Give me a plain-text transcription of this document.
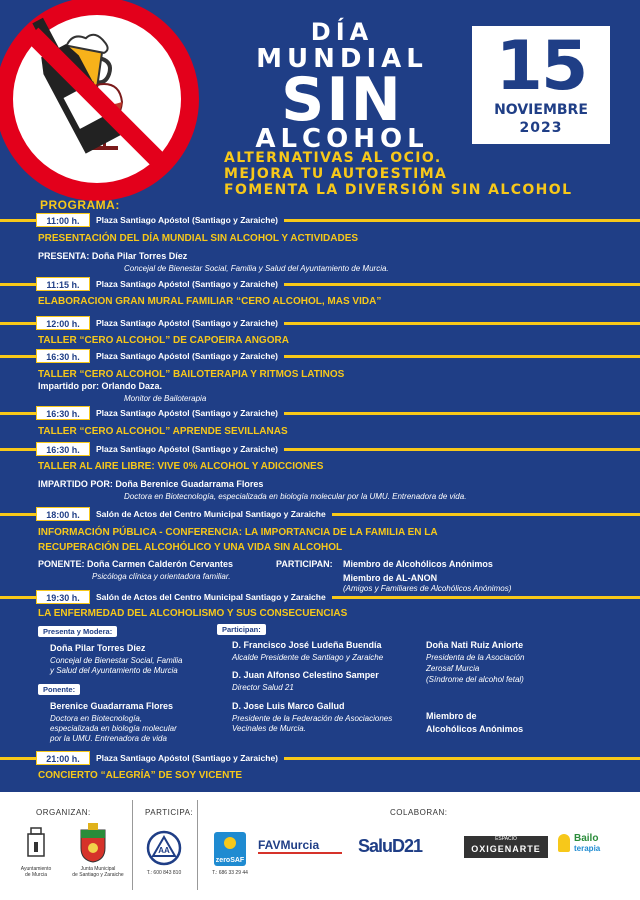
DÍA
MUNDIAL
SIN
ALCOHOL
15
NOVIEMBRE
2023
ALTERNATIVAS AL OCIO.
MEJORA TU AUTOESTIMA
FOMENTA LA DIVERSIÓN SIN ALCOHOL
PROGRAMA:
11:00 h.	Plaza Santiago Apóstol (Santiago y Zaraiche)
PRESENTACIÓN DEL DÍA MUNDIAL SIN ALCOHOL Y ACTIVIDADES
PRESENTA: Doña Pilar Torres Díez
Concejal de Bienestar Social, Familia y Salud del Ayuntamiento de Murcia.
11:15 h.	Plaza Santiago Apóstol (Santiago y Zaraiche)
ELABORACION GRAN MURAL FAMILIAR “CERO ALCOHOL, MAS VIDA”
12:00 h.	Plaza Santiago Apóstol (Santiago y Zaraiche)
TALLER “CERO ALCOHOL” DE CAPOEIRA ANGORA
16:30 h.	Plaza Santiago Apóstol (Santiago y Zaraiche)
TALLER “CERO ALCOHOL” BAILOTERAPIA Y RITMOS LATINOS
Impartido por: Orlando Daza.
Monitor de Bailoterapia
16:30 h.	Plaza Santiago Apóstol (Santiago y Zaraiche)
TALLER “CERO ALCOHOL” APRENDE SEVILLANAS
16:30 h.	Plaza Santiago Apóstol (Santiago y Zaraiche)
TALLER AL AIRE LIBRE: VIVE 0% ALCOHOL Y ADICCIONES
IMPARTIDO POR: Doña Berenice Guadarrama Flores
Doctora en Biotecnología, especializada en biología molecular por la UMU. Entrenadora de vida.
18:00 h.	Salón de Actos del Centro Municipal Santiago y Zaraiche
INFORMACIÓN PÚBLICA - CONFERENCIA: LA IMPORTANCIA DE LA FAMILIA EN LA
RECUPERACIÓN DEL ALCOHÓLICO Y UNA VIDA SIN ALCOHOL
PONENTE: Doña Carmen Calderón Cervantes
Psicóloga clínica y orientadora familiar.
PARTICIPAN: Miembro de Alcohólicos Anónimos
Miembro de AL-ANON
(Amigos y Familiares de Alcohólicos Anónimos)
19:30 h.	Salón de Actos del Centro Municipal Santiago y Zaraiche
LA ENFERMEDAD DEL ALCOHOLISMO Y SUS CONSECUENCIAS
Presenta y Modera:
Doña Pilar Torres Díez
Concejal de Bienestar Social, Familia
y Salud del Ayuntamiento de Murcia
Ponente:
Berenice Guadarrama Flores
Doctora en Biotecnología,
especializada en biología molecular
por la UMU. Entrenadora de vida
Participan:
D. Francisco José Ludeña Buendía
Alcalde Presidente de Santiago y Zaraiche
D. Juan Alfonso Celestino Samper
Director Salud 21
D. Jose Luis Marco Gallud
Presidente de la Federación de Asociaciones
Vecinales de Murcia.
Doña Nati Ruiz Aniorte
Presidenta de la Asociación
Zerosaf Murcia
(Síndrome del alcohol fetal)
Miembro de
Alcohólicos Anónimos
21:00 h.	Plaza Santiago Apóstol (Santiago y Zaraiche)
CONCIERTO “ALEGRÍA” DE SOY VICENTE
ORGANIZAN:	PARTICIPA:	COLABORAN:
Ayuntamiento
de Murcia
Junta Municipal
de Santiago y Zaraiche
AA
T.: 600 843 810
zeroSAF
T.: 686 33 29 44
FAVMurcia SaluD21	ESPACIO
OXIGENARTE
Bailo
terapia
